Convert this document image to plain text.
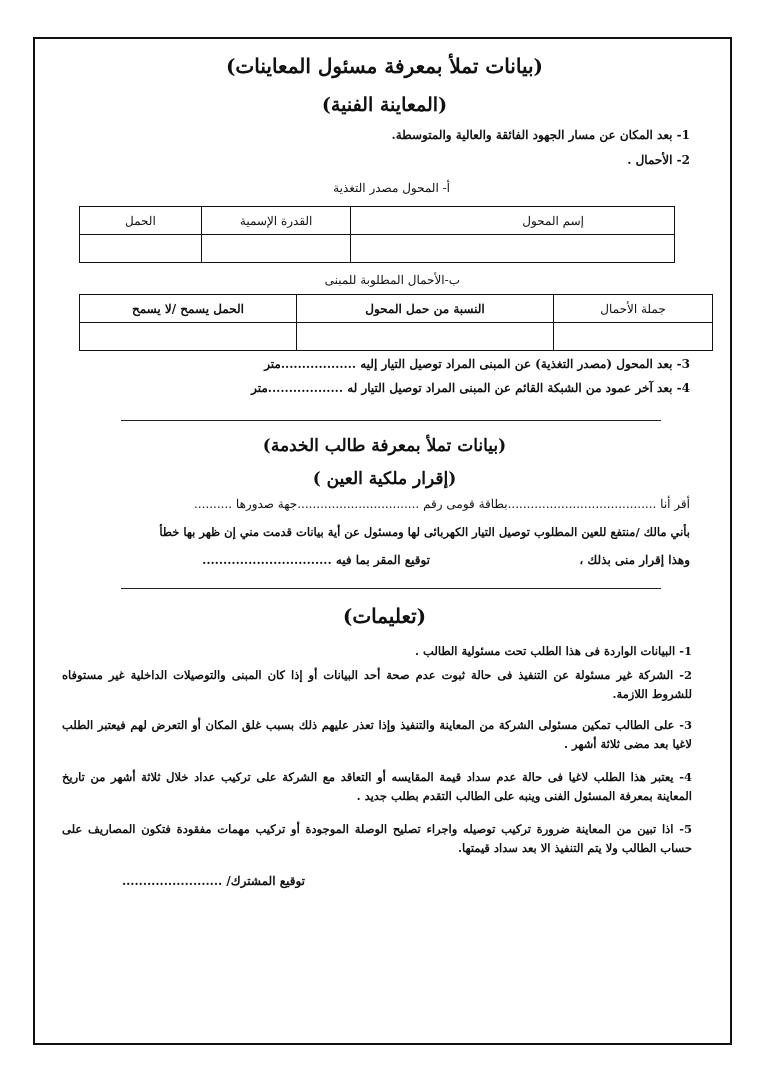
(بيانات تملأ بمعرفة مسئول المعاينات)
(المعاينة الفنية)
1- بعد المكان عن مسار الجهود الفائقة والعالية والمتوسطة.
2- الأحمال .
أ- المحول مصدر التغذية
إسم المحول	القدرة الإسمية	الحمل

ب-الأحمال المطلوبة للمبنى
جملة الأحمال	النسبة من حمل المحول	الحمل يسمح /لا يسمح

3- بعد المحول (مصدر التغذية) عن المبنى المراد توصيل التيار إليه ..................متر
4- بعد آخر عمود من الشبكة القائم عن المبنى المراد توصيل التيار له ..................متر
(بيانات تملأ بمعرفة طالب الخدمة)
(إقرار ملكية العين )
أقر أنا .......................................بطاقة قومى رقم ................................جهة صدورها ..........
بأني مالك /منتفع للعين المطلوب توصيل التيار الكهربائى لها ومسئول عن أية بيانات قدمت مني إن ظهر بها خطأ
وهذا إقرار منى بذلك ،
توقيع المقر بما فيه ...............................
(تعليمات)
1- البيانات الواردة فى هذا الطلب تحت مسئولية الطالب .
2- الشركة غير مسئولة عن التنفيذ فى حالة ثبوت عدم صحة أحد البيانات أو إذا كان المبنى والتوصيلات الداخلية غير مستوفاه للشروط اللازمة.
3- على الطالب تمكين مسئولى الشركة من المعاينة والتنفيذ وإذا تعذر عليهم ذلك بسبب غلق المكان أو التعرض لهم فيعتبر الطلب لاغيا بعد مضى ثلاثة أشهر .
4- يعتبر هذا الطلب لاغيا فى حالة عدم سداد قيمة المقايسه أو التعاقد مع الشركة على تركيب عداد خلال ثلاثة أشهر من تاريخ المعاينة بمعرفة المسئول الفنى وينبه على الطالب التقدم بطلب جديد .
5- اذا تبين من المعاينة ضرورة تركيب توصيله واجراء تصليح الوصلة الموجودة أو تركيب مهمات مفقودة فتكون المصاريف على حساب الطالب ولا يتم التنفيذ الا بعد سداد قيمتها.
توقيع المشترك/ ........................
